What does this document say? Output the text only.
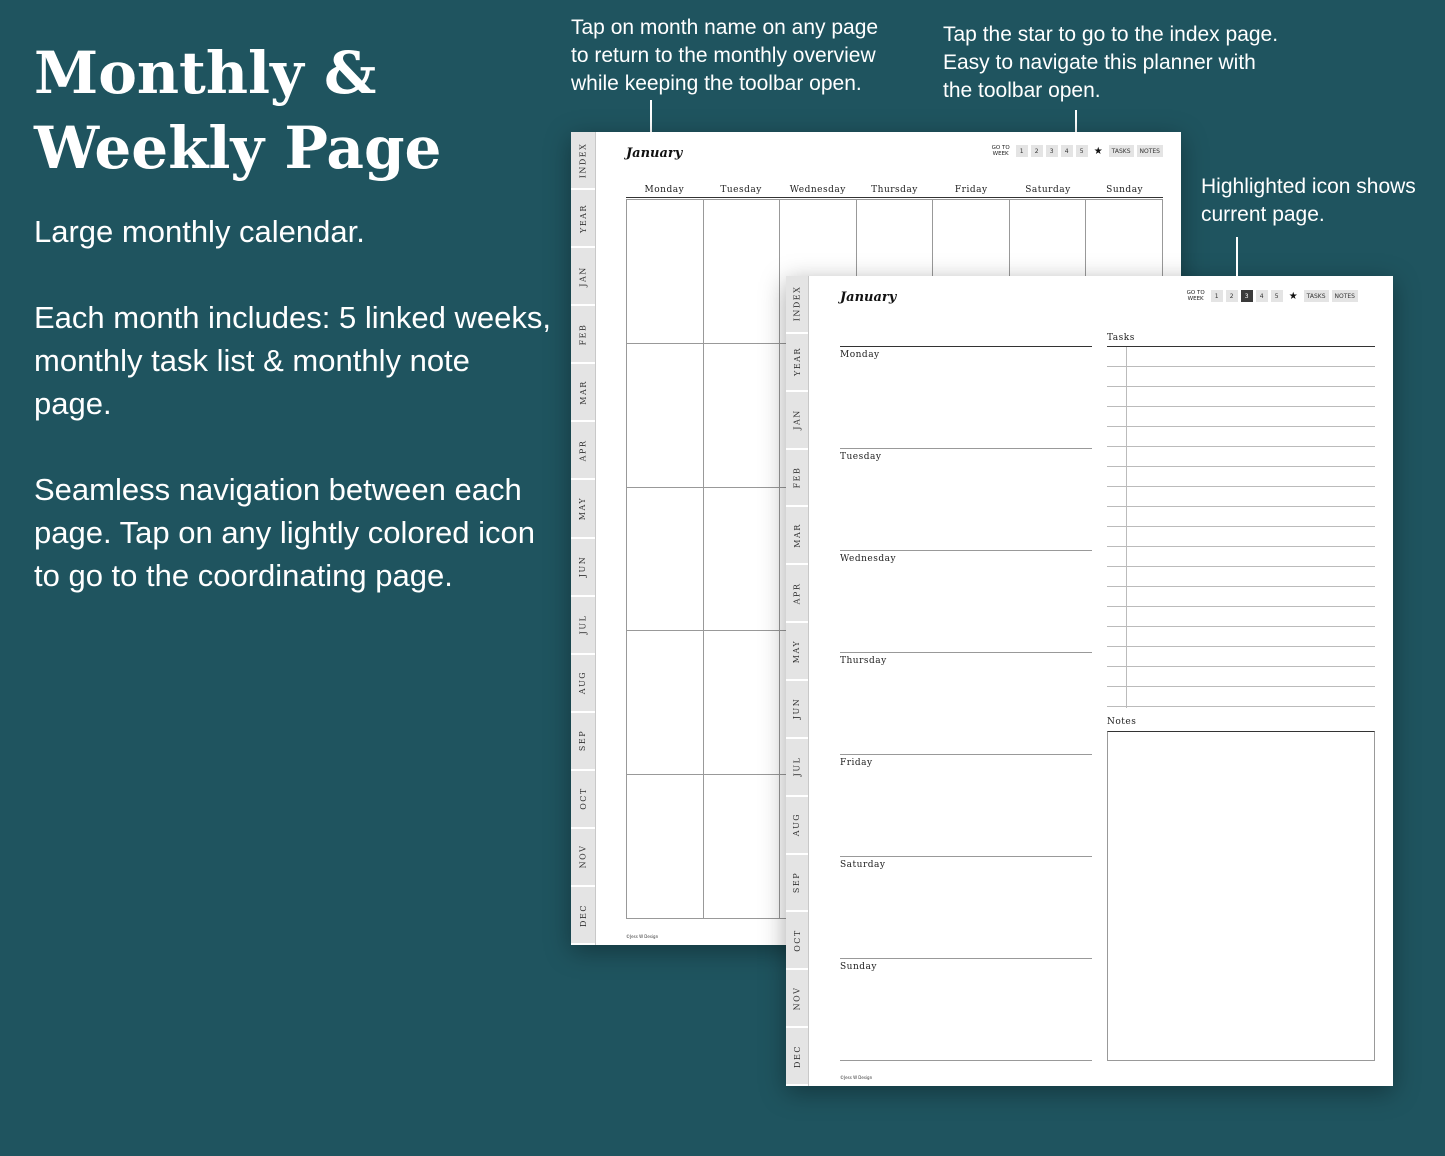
Monthly & Weekly Page
Large monthly calendar.
Each month includes: 5 linked weeks, monthly task list & monthly note page.
Seamless navigation between each page. Tap on any lightly colored icon to go to the coordinating page.
Tap on month name on any page
to return to the monthly overview
while keeping the toolbar open.
Tap the star to go to the index page.
Easy to navigate this planner with
the toolbar open.
Highlighted icon shows
current page.
INDEX
YEAR
JAN
FEB
MAR
APR
MAY
JUN
JUL
AUG
SEP
OCT
NOV
DEC
January	GO TO
WEEK	1	2	3	4	5	★	TASKS	NOTES
Monday	Tuesday	Wednesday	Thursday	Friday	Saturday	Sunday
©Jess W Design
INDEX
YEAR
JAN
FEB
MAR
APR
MAY
JUN
JUL
AUG
SEP
OCT
NOV
DEC
January	GO TO
WEEK	1	2	3	4	5	★	TASKS	NOTES
Monday
Tuesday
Wednesday
Thursday
Friday
Saturday
Sunday
Tasks
Notes
©Jess W Design
